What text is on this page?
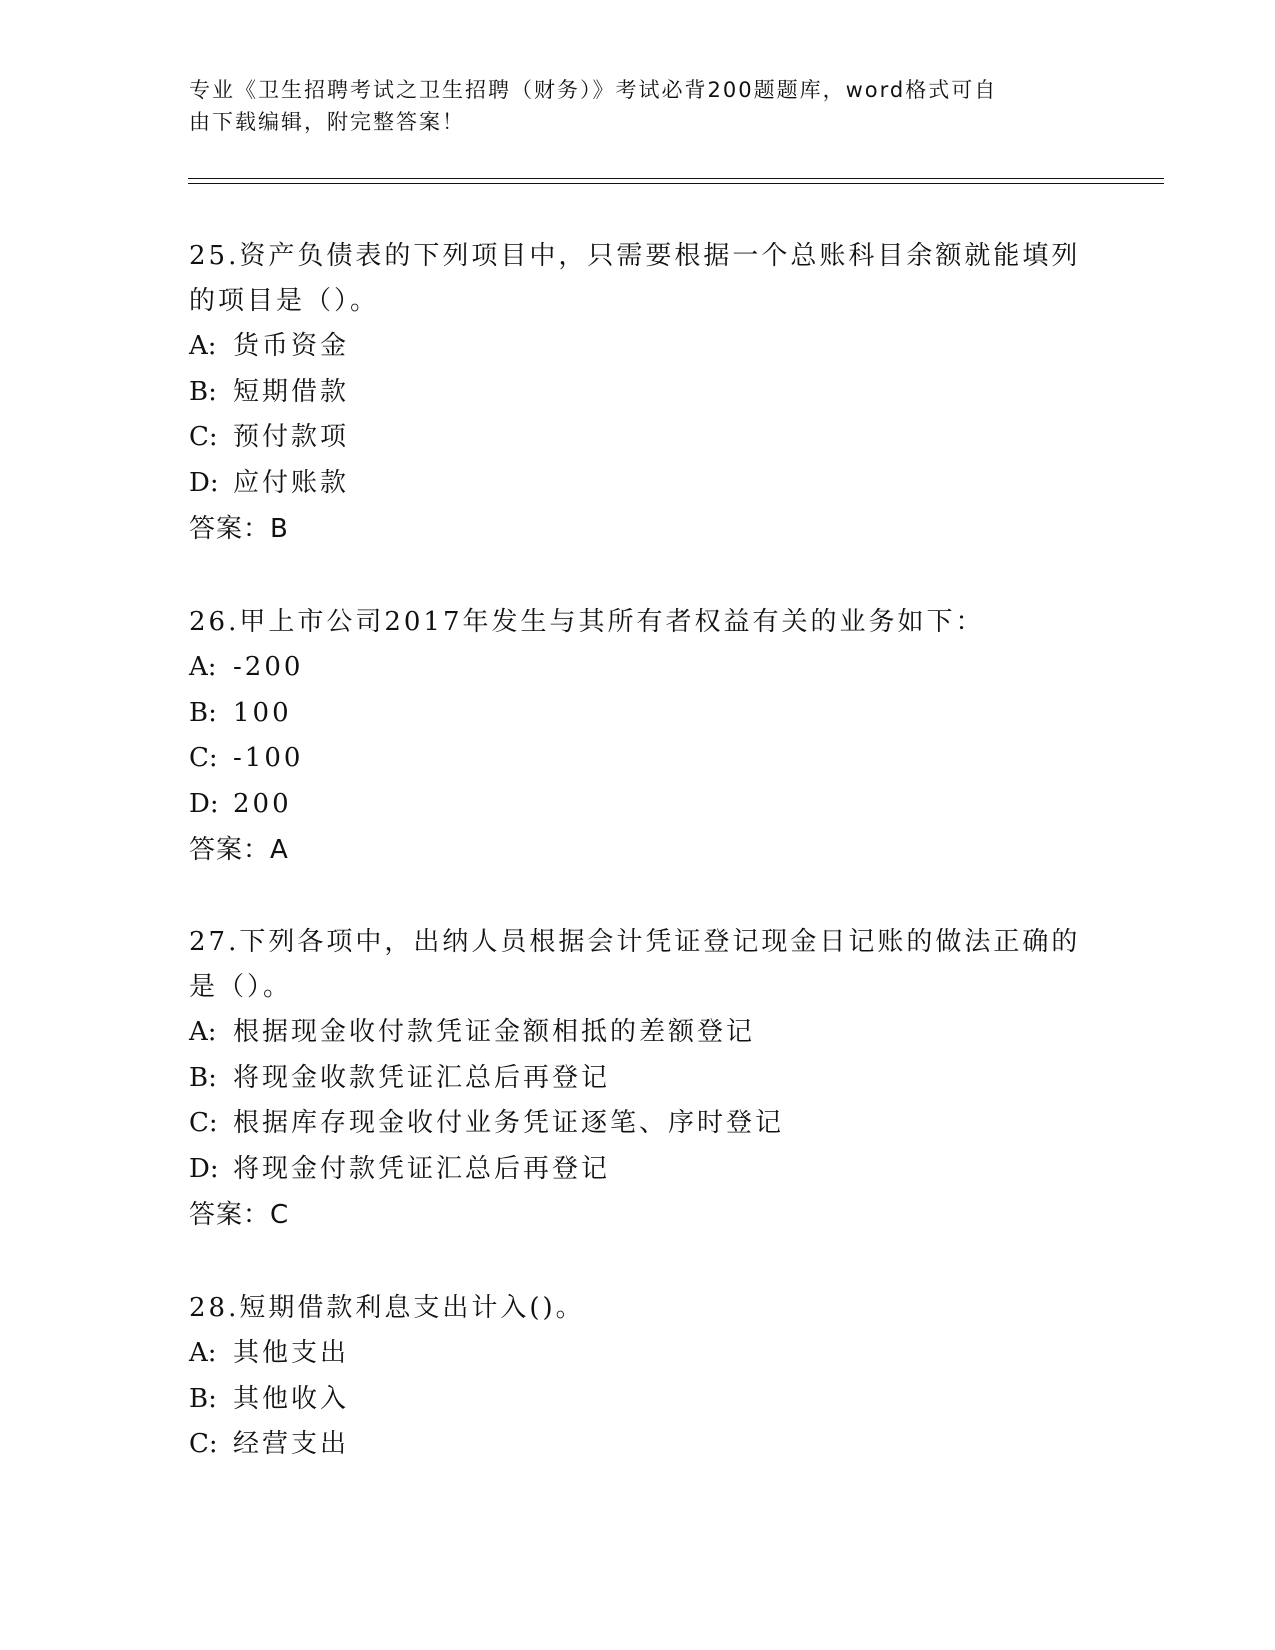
专业《卫生招聘考试之卫生招聘（财务）》考试必背200题题库，word格式可自
由下载编辑，附完整答案！
25.资产负债表的下列项目中，只需要根据一个总账科目余额就能填列
的项目是（）。
A: 货币资金
B: 短期借款
C: 预付款项
D: 应付账款
答案：B
26.甲上市公司2017年发生与其所有者权益有关的业务如下：
A: -200
B: 100
C: -100
D: 200
答案：A
27.下列各项中，出纳人员根据会计凭证登记现金日记账的做法正确的
是（）。
A: 根据现金收付款凭证金额相抵的差额登记
B: 将现金收款凭证汇总后再登记
C: 根据库存现金收付业务凭证逐笔、序时登记
D: 将现金付款凭证汇总后再登记
答案：C
28.短期借款利息支出计入()。
A: 其他支出
B: 其他收入
C: 经营支出
